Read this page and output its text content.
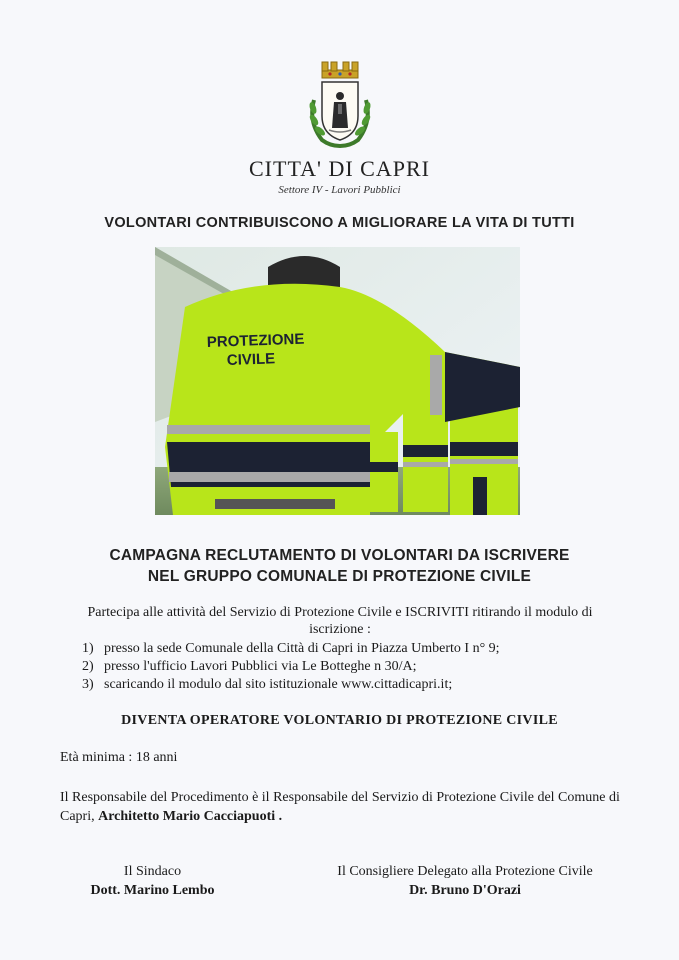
CITTA' DI CAPRI
Settore IV - Lavori Pubblici
VOLONTARI CONTRIBUISCONO A MIGLIORARE LA VITA DI TUTTI
PROTEZIONE
CIVILE
CAMPAGNA RECLUTAMENTO DI VOLONTARI DA ISCRIVERE
NEL GRUPPO COMUNALE DI PROTEZIONE CIVILE
Partecipa alle attività del Servizio di Protezione Civile e ISCRIVITI ritirando il modulo di iscrizione :
1) presso la sede Comunale della Città di Capri in Piazza Umberto I n° 9;
2) presso l'ufficio Lavori Pubblici via Le Botteghe n 30/A;
3) scaricando il modulo dal sito istituzionale www.cittadicapri.it;
DIVENTA OPERATORE VOLONTARIO DI PROTEZIONE CIVILE
Età minima : 18 anni
Il Responsabile del Procedimento è il Responsabile del Servizio di Protezione Civile del Comune di Capri, Architetto Mario Cacciapuoti .
Il Sindaco
Dott. Marino Lembo
Il Consigliere Delegato alla Protezione Civile
Dr. Bruno D'Orazi
